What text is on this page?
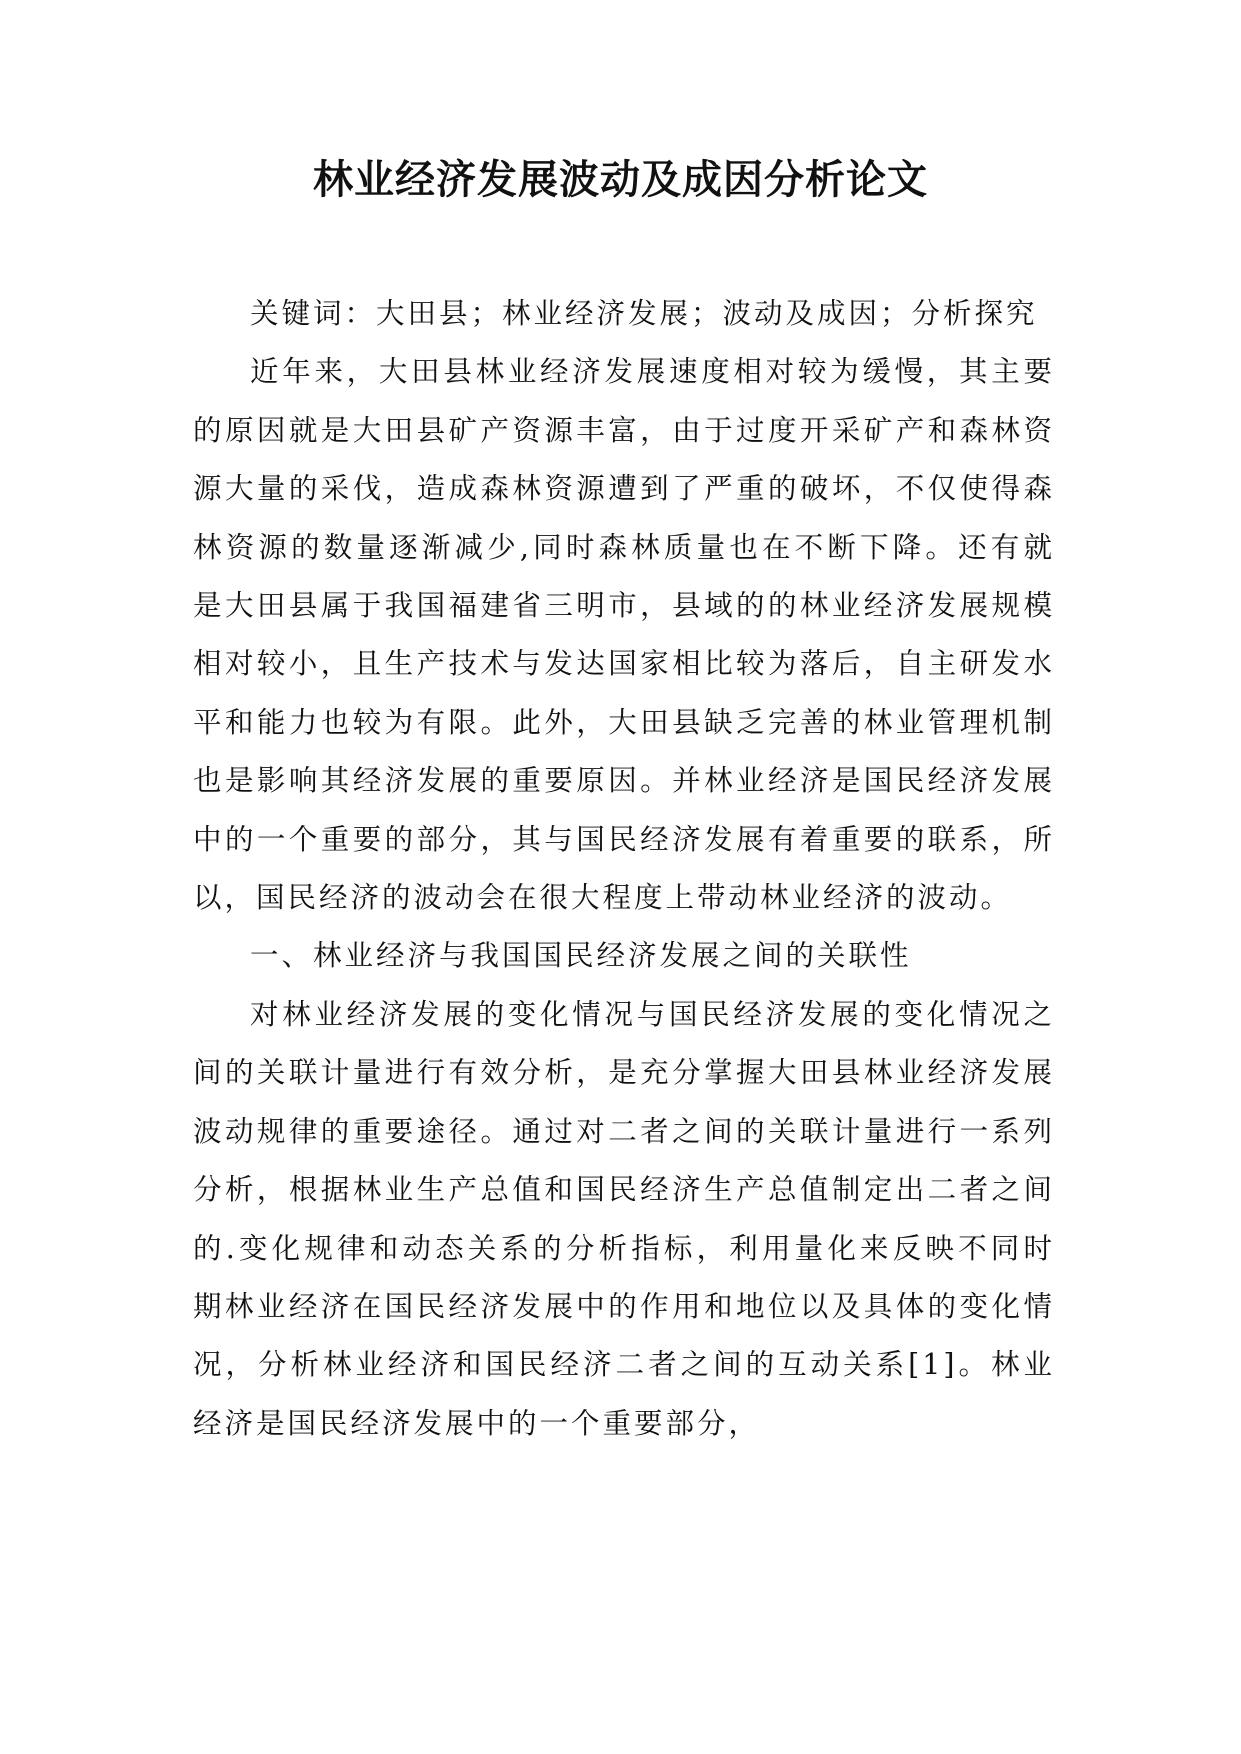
林业经济发展波动及成因分析论文

关键词：大田县；林业经济发展；波动及成因；分析探究

近年来，大田县林业经济发展速度相对较为缓慢，其主要的原因就是大田县矿产资源丰富，由于过度开采矿产和森林资源大量的采伐，造成森林资源遭到了严重的破坏，不仅使得森林资源的数量逐渐减少,同时森林质量也在不断下降。还有就是大田县属于我国福建省三明市，县域的的林业经济发展规模相对较小，且生产技术与发达国家相比较为落后，自主研发水平和能力也较为有限。此外，大田县缺乏完善的林业管理机制也是影响其经济发展的重要原因。并林业经济是国民经济发展中的一个重要的部分，其与国民经济发展有着重要的联系，所以，国民经济的波动会在很大程度上带动林业经济的波动。

一、林业经济与我国国民经济发展之间的关联性

对林业经济发展的变化情况与国民经济发展的变化情况之间的关联计量进行有效分析，是充分掌握大田县林业经济发展波动规律的重要途径。通过对二者之间的关联计量进行一系列分析，根据林业生产总值和国民经济生产总值制定出二者之间的.变化规律和动态关系的分析指标，利用量化来反映不同时期林业经济在国民经济发展中的作用和地位以及具体的变化情况，分析林业经济和国民经济二者之间的互动关系[1]。林业经济是国民经济发展中的一个重要部分，
